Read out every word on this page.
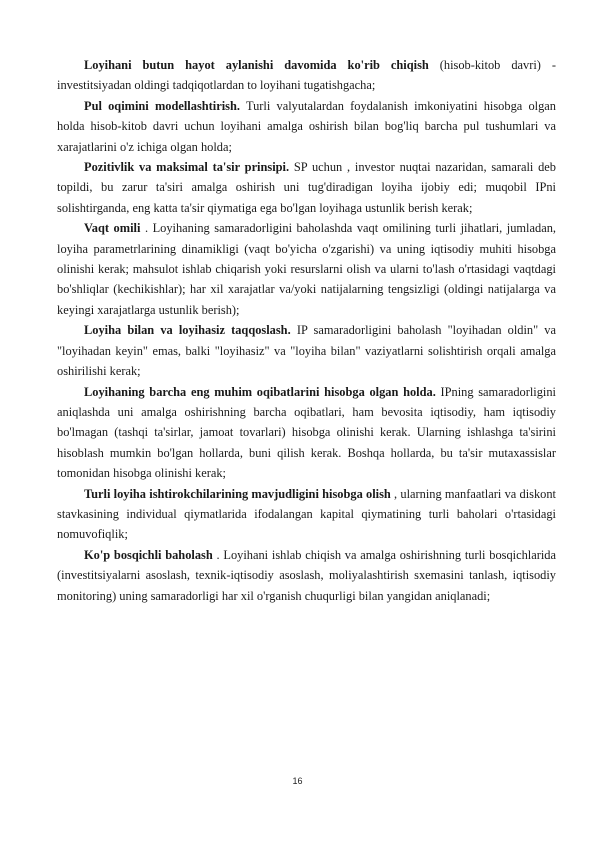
Loyihani butun hayot aylanishi davomida ko'rib chiqish (hisob-kitob davri) - investitsiyadan oldingi tadqiqotlardan to loyihani tugatishgacha;

Pul oqimini modellashtirish. Turli valyutalardan foydalanish imkoniyatini hisobga olgan holda hisob-kitob davri uchun loyihani amalga oshirish bilan bog'liq barcha pul tushumlari va xarajatlarini o'z ichiga olgan holda;

Pozitivlik va maksimal ta'sir prinsipi. SP uchun , investor nuqtai nazaridan, samarali deb topildi, bu zarur ta'siri amalga oshirish uni tug'diradigan loyiha ijobiy edi; muqobil IPni solishtirganda, eng katta ta'sir qiymatiga ega bo'lgan loyihaga ustunlik berish kerak;

Vaqt omili . Loyihaning samaradorligini baholashda vaqt omilining turli jihatlari, jumladan, loyiha parametrlarining dinamikligi (vaqt bo'yicha o'zgarishi) va uning iqtisodiy muhiti hisobga olinishi kerak; mahsulot ishlab chiqarish yoki resurslarni olish va ularni to'lash o'rtasidagi vaqtdagi bo'shliqlar (kechikishlar); har xil xarajatlar va/yoki natijalarning tengsizligi (oldingi natijalarga va keyingi xarajatlarga ustunlik berish);

Loyiha bilan va loyihasiz taqqoslash. IP samaradorligini baholash "loyihadan oldin" va "loyihadan keyin" emas, balki "loyihasiz" va "loyiha bilan" vaziyatlarni solishtirish orqali amalga oshirilishi kerak;

Loyihaning barcha eng muhim oqibatlarini hisobga olgan holda. IPning samaradorligini aniqlashda uni amalga oshirishning barcha oqibatlari, ham bevosita iqtisodiy, ham iqtisodiy bo'lmagan (tashqi ta'sirlar, jamoat tovarlari) hisobga olinishi kerak. Ularning ishlashga ta'sirini hisoblash mumkin bo'lgan hollarda, buni qilish kerak. Boshqa hollarda, bu ta'sir mutaxassislar tomonidan hisobga olinishi kerak;

Turli loyiha ishtirokchilarining mavjudligini hisobga olish , ularning manfaatlari va diskont stavkasining individual qiymatlarida ifodalangan kapital qiymatining turli baholari o'rtasidagi nomuvofiqlik;

Ko'p bosqichli baholash . Loyihani ishlab chiqish va amalga oshirishning turli bosqichlarida (investitsiyalarni asoslash, texnik-iqtisodiy asoslash, moliyalashtirish sxemasini tanlash, iqtisodiy monitoring) uning samaradorligi har xil o'rganish chuqurligi bilan yangidan aniqlanadi;

16
